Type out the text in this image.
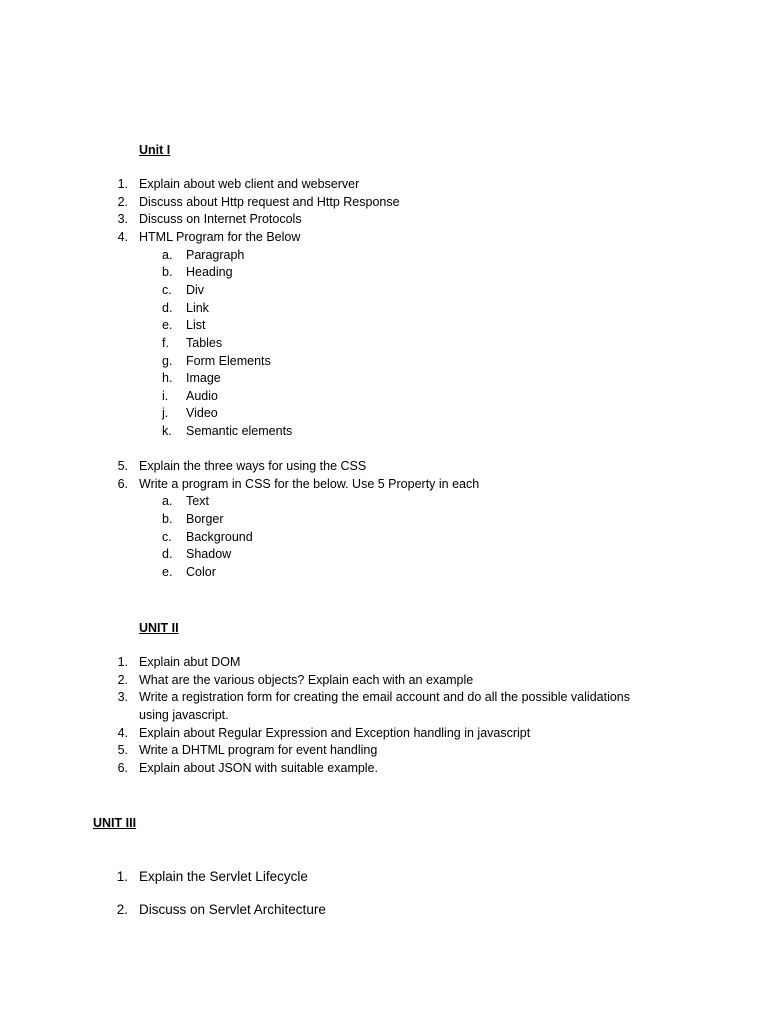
Unit I
1. Explain about web client and webserver
2. Discuss about Http request and Http Response
3. Discuss on Internet Protocols
4. HTML Program for the Below
a. Paragraph
b. Heading
c. Div
d. Link
e. List
f. Tables
g. Form Elements
h. Image
i. Audio
j. Video
k. Semantic elements
5. Explain the three ways for using the CSS
6. Write a program in CSS for the below. Use 5 Property in each
a. Text
b. Borger
c. Background
d. Shadow
e. Color
UNIT II
1. Explain abut DOM
2. What are the various objects? Explain each with an example
3. Write a registration form for creating the email account and do all the possible validations
using javascript.
4. Explain about Regular Expression and Exception handling in javascript
5. Write a DHTML program for event handling
6. Explain about JSON with suitable example.
UNIT III
1. Explain the Servlet Lifecycle
2. Discuss on Servlet Architecture
